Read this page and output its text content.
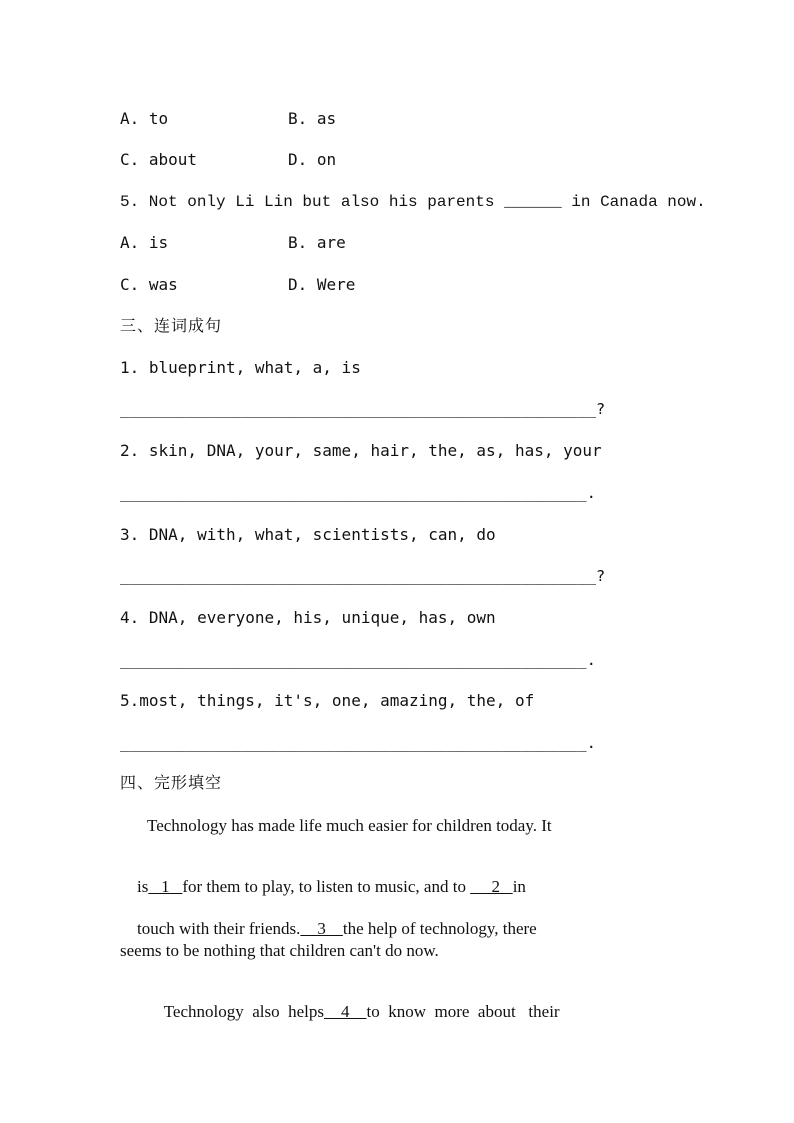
A. to	B. as
C. about	D. on
5. Not only Li Lin but also his parents ______ in Canada now.
A. is	B. are
C. was	D. Were
三、连词成句
1. blueprint, what, a, is
___________________________________________________?
2. skin, DNA, your, same, hair, the, as, has, your
__________________________________________________.
3. DNA, with, what, scientists, can, do
___________________________________________________?
4. DNA, everyone, his, unique, has, own
__________________________________________________.
5.most, things, it's, one, amazing, the, of
__________________________________________________.
四、完形填空
Technology has made life much easier for children today. It

is   1   for them to play, to listen to music, and to      2   in

touch with their friends.    3    the help of technology, there

seems to be nothing that children can't do now.

Technology  also  helps    4    to  know  more  about   their
